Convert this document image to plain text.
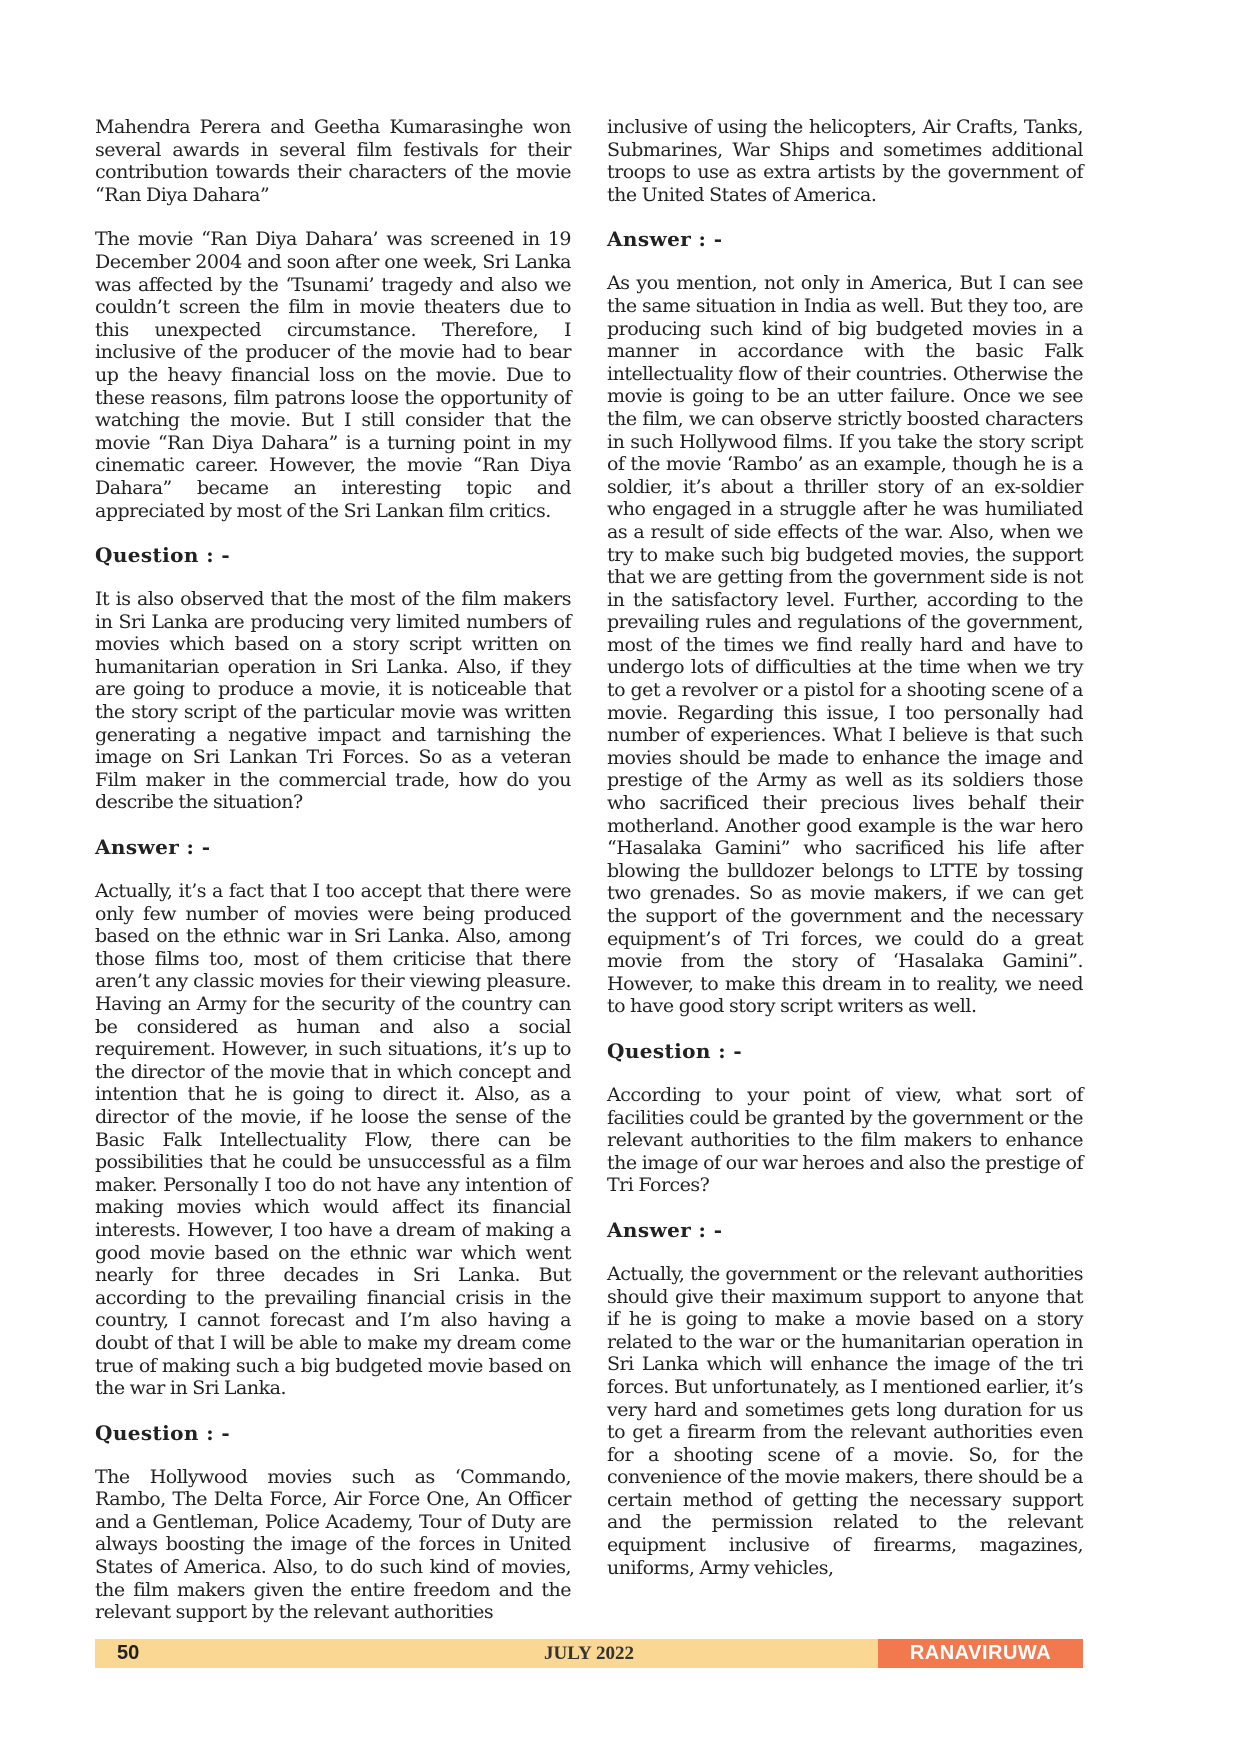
Mahendra Perera and Geetha Kumarasinghe won several awards in several film festivals for their contribution towards their characters of the movie “Ran Diya Dahara”

The movie “Ran Diya Dahara’ was screened in 19 December 2004 and soon after one week, Sri Lanka was affected by the ‘Tsunami’ tragedy and also we couldn’t screen the film in movie theaters due to this unexpected circumstance. Therefore, I inclusive of the producer of the movie had to bear up the heavy financial loss on the movie. Due to these reasons, film patrons loose the opportunity of watching the movie. But I still consider that the movie “Ran Diya Dahara” is a turning point in my cinematic career. However, the movie “Ran Diya Dahara” became an interesting topic and appreciated by most of the Sri Lankan film critics.

Question : -

It is also observed that the most of the film makers in Sri Lanka are producing very limited numbers of movies which based on a story script written on humanitarian operation in Sri Lanka. Also, if they are going to produce a movie, it is noticeable that the story script of the particular movie was written generating a negative impact and tarnishing the image on Sri Lankan Tri Forces. So as a veteran Film maker in the commercial trade, how do you describe the situation?

Answer : -

Actually, it’s a fact that I too accept that there were only few number of movies were being produced based on the ethnic war in Sri Lanka. Also, among those films too, most of them criticise that there aren’t any classic movies for their viewing pleasure. Having an Army for the security of the country can be considered as human and also a social requirement. However, in such situations, it’s up to the director of the movie that in which concept and intention that he is going to direct it. Also, as a director of the movie, if he loose the sense of the Basic Falk Intellectuality Flow, there can be possibilities that he could be unsuccessful as a film maker. Personally I too do not have any intention of making movies which would affect its financial interests. However, I too have a dream of making a good movie based on the ethnic war which went nearly for three decades in Sri Lanka. But according to the prevailing financial crisis in the country, I cannot forecast and I’m also having a doubt of that I will be able to make my dream come true of making such a big budgeted movie based on the war in Sri Lanka.

Question : -

The Hollywood movies such as ‘Commando, Rambo, The Delta Force, Air Force One, An Officer and a Gentleman, Police Academy, Tour of Duty are always boosting the image of the forces in United States of America. Also, to do such kind of movies, the film makers given the entire freedom and the relevant support by the relevant authorities

inclusive of using the helicopters, Air Crafts, Tanks, Submarines, War Ships and sometimes additional troops to use as extra artists by the government of the United States of America.

Answer : -

As you mention, not only in America, But I can see the same situation in India as well. But they too, are producing such kind of big budgeted movies in a manner in accordance with the basic Falk intellectuality flow of their countries. Otherwise the movie is going to be an utter failure. Once we see the film, we can observe strictly boosted characters in such Hollywood films. If you take the story script of the movie ‘Rambo’ as an example, though he is a soldier, it’s about a thriller story of an ex-soldier who engaged in a struggle after he was humiliated as a result of side effects of the war. Also, when we try to make such big budgeted movies, the support that we are getting from the government side is not in the satisfactory level. Further, according to the prevailing rules and regulations of the government, most of the times we find really hard and have to undergo lots of difficulties at the time when we try to get a revolver or a pistol for a shooting scene of a movie. Regarding this issue, I too personally had number of experiences. What I believe is that such movies should be made to enhance the image and prestige of the Army as well as its soldiers those who sacrificed their precious lives behalf their motherland. Another good example is the war hero “Hasalaka Gamini” who sacrificed his life after blowing the bulldozer belongs to LTTE by tossing two grenades. So as movie makers, if we can get the support of the government and the necessary equipment’s of Tri forces, we could do a great movie from the story of ‘Hasalaka Gamini”. However, to make this dream in to reality, we need to have good story script writers as well.

Question : -

According to your point of view, what sort of facilities could be granted by the government or the relevant authorities to the film makers to enhance the image of our war heroes and also the prestige of Tri Forces?

Answer : -

Actually, the government or the relevant authorities should give their maximum support to anyone that if he is going to make a movie based on a story related to the war or the humanitarian operation in Sri Lanka which will enhance the image of the tri forces. But unfortunately, as I mentioned earlier, it’s very hard and sometimes gets long duration for us to get a firearm from the relevant authorities even for a shooting scene of a movie. So, for the convenience of the movie makers, there should be a certain method of getting the necessary support and the permission related to the relevant equipment inclusive of firearms, magazines, uniforms, Army vehicles,

50	JULY 2022	RANAVIRUWA
